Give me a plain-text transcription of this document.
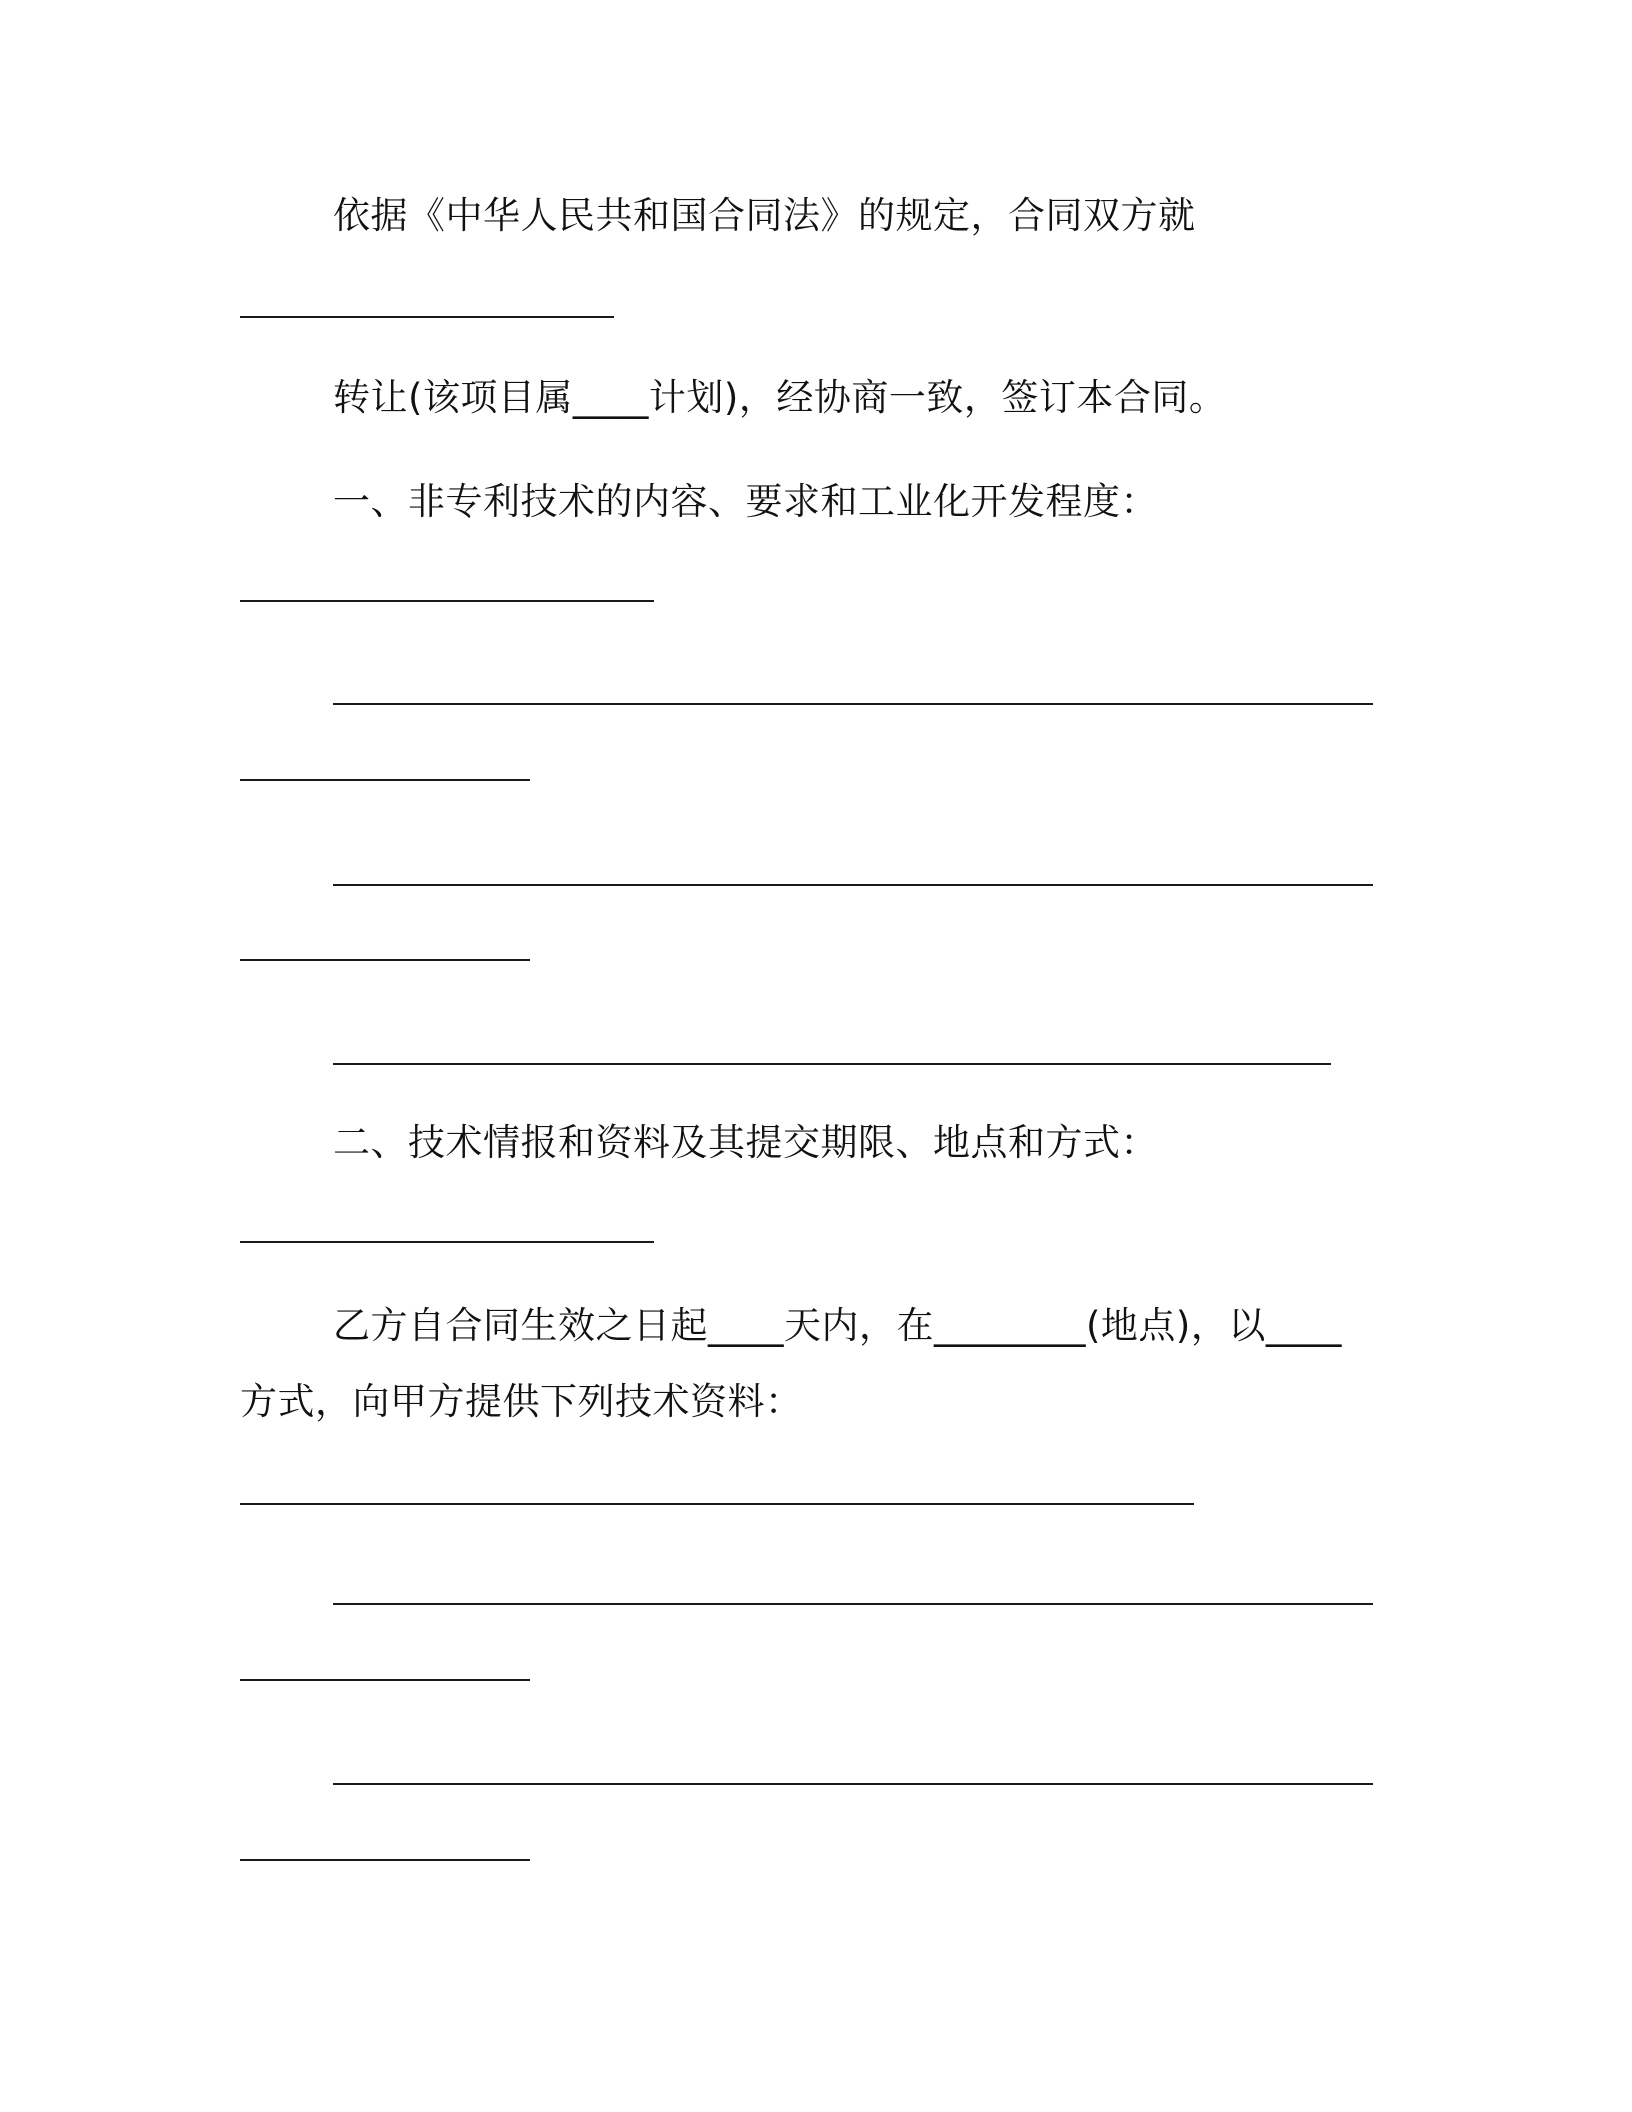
依据《中华人民共和国合同法》的规定，合同双方就
转让(该项目属____计划)，经协商一致，签订本合同。
一、非专利技术的内容、要求和工业化开发程度：
二、技术情报和资料及其提交期限、地点和方式：
乙方自合同生效之日起____天内，在________(地点)，以____
方式，向甲方提供下列技术资料：
